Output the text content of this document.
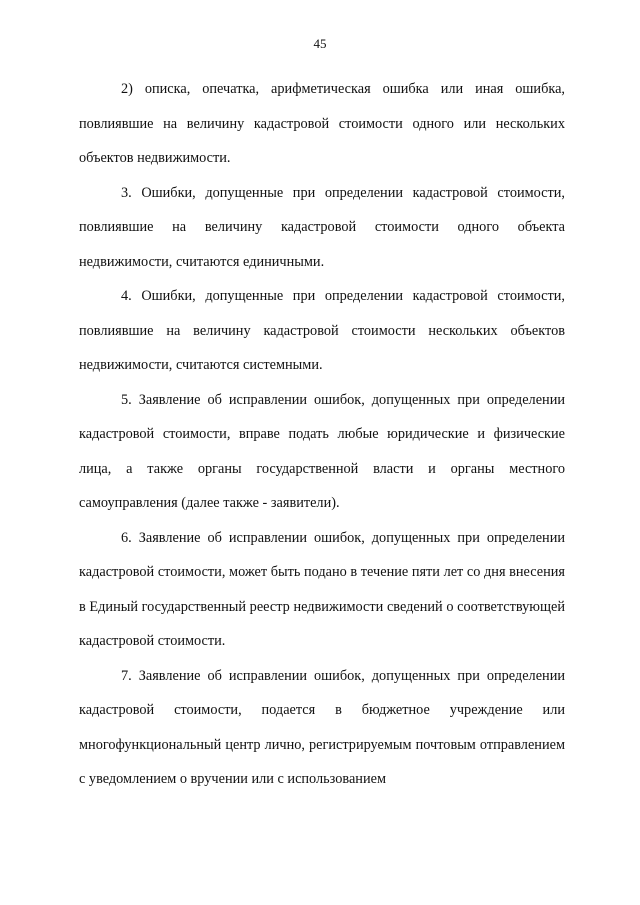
45

2) описка, опечатка, арифметическая ошибка или иная ошибка, повлиявшие на величину кадастровой стоимости одного или нескольких объектов недвижимости.

3. Ошибки, допущенные при определении кадастровой стоимости, повлиявшие на величину кадастровой стоимости одного объекта недвижимости, считаются единичными.

4. Ошибки, допущенные при определении кадастровой стоимости, повлиявшие на величину кадастровой стоимости нескольких объектов недвижимости, считаются системными.

5. Заявление об исправлении ошибок, допущенных при определении кадастровой стоимости, вправе подать любые юридические и физические лица, а также органы государственной власти и органы местного самоуправления (далее также - заявители).

6. Заявление об исправлении ошибок, допущенных при определении кадастровой стоимости, может быть подано в течение пяти лет со дня внесения в Единый государственный реестр недвижимости сведений о соответствующей кадастровой стоимости.

7. Заявление об исправлении ошибок, допущенных при определении кадастровой стоимости, подается в бюджетное учреждение или многофункциональный центр лично, регистрируемым почтовым отправлением с уведомлением о вручении или с использованием
